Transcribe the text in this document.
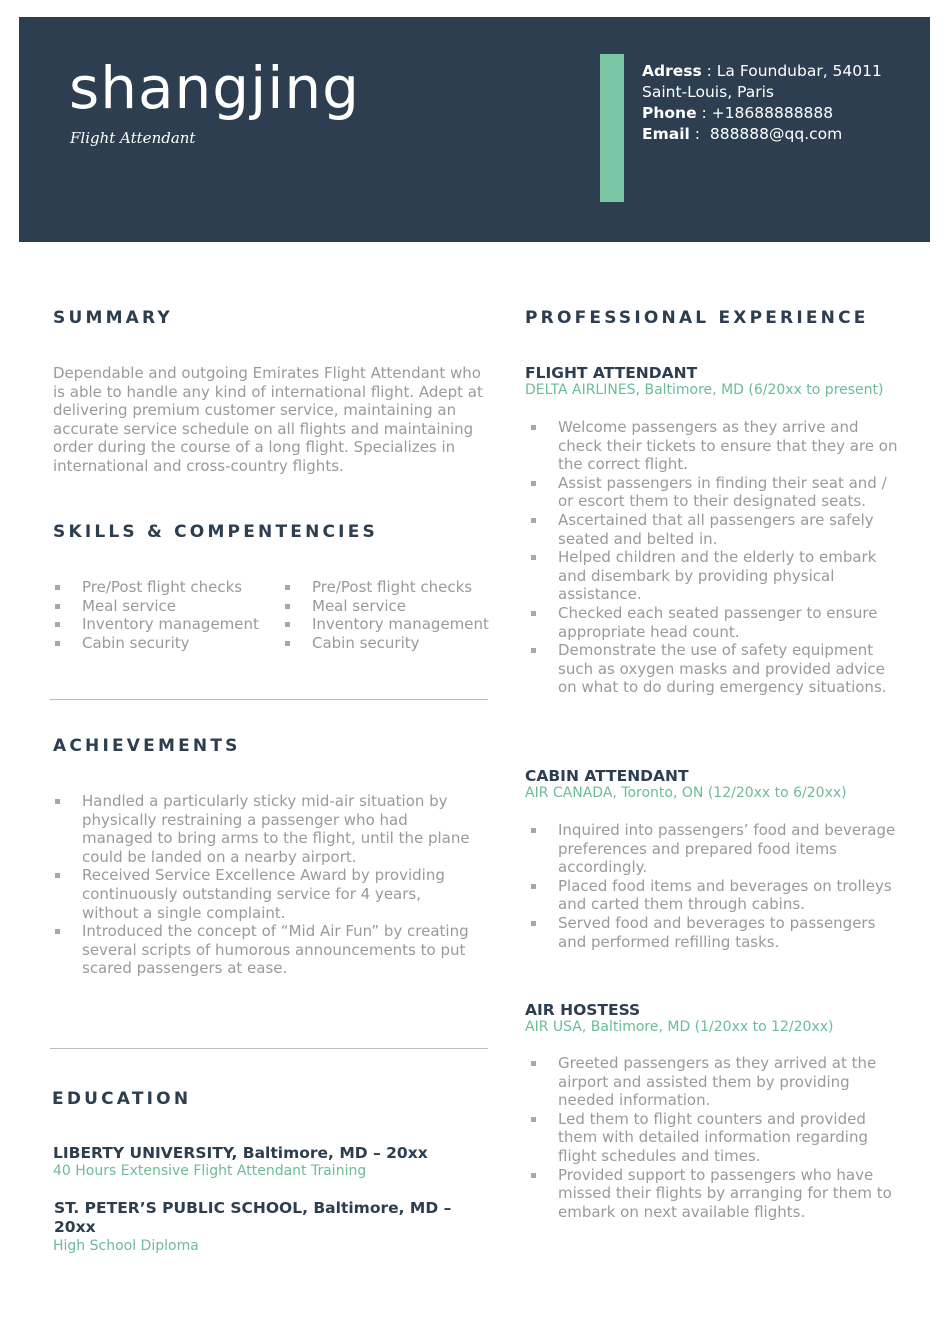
shangjing
Flight Attendant
Adress : La Foundubar, 54011
Saint-Louis, Paris
Phone : +18688888888
Email :  888888@qq.com
SUMMARY
Dependable and outgoing Emirates Flight Attendant who is able to handle any kind of international flight. Adept at delivering premium customer service, maintaining an accurate service schedule on all flights and maintaining order during the course of a long flight. Specializes in international and cross-country flights.
SKILLS & COMPENTENCIES
Pre/Post flight checks
Meal service
Inventory management
Cabin security
Pre/Post flight checks
Meal service
Inventory management
Cabin security
ACHIEVEMENTS
Handled a particularly sticky mid-air situation by physically restraining a passenger who had managed to bring arms to the flight, until the plane could be landed on a nearby airport.
Received Service Excellence Award by providing continuously outstanding service for 4 years, without a single complaint.
Introduced the concept of “Mid Air Fun” by creating several scripts of humorous announcements to put scared passengers at ease.
EDUCATION
LIBERTY UNIVERSITY, Baltimore, MD – 20xx
40 Hours Extensive Flight Attendant Training
ST. PETER’S PUBLIC SCHOOL, Baltimore, MD – 20xx
High School Diploma
PROFESSIONAL EXPERIENCE
FLIGHT ATTENDANT
DELTA AIRLINES, Baltimore, MD (6/20xx to present)
Welcome passengers as they arrive and check their tickets to ensure that they are on the correct flight.
Assist passengers in finding their seat and / or escort them to their designated seats.
Ascertained that all passengers are safely seated and belted in.
Helped children and the elderly to embark and disembark by providing physical assistance.
Checked each seated passenger to ensure appropriate head count.
Demonstrate the use of safety equipment such as oxygen masks and provided advice on what to do during emergency situations.
CABIN ATTENDANT
AIR CANADA, Toronto, ON (12/20xx to 6/20xx)
Inquired into passengers’ food and beverage preferences and prepared food items accordingly.
Placed food items and beverages on trolleys and carted them through cabins.
Served food and beverages to passengers and performed refilling tasks.
AIR HOSTESS
AIR USA, Baltimore, MD (1/20xx to 12/20xx)
Greeted passengers as they arrived at the airport and assisted them by providing needed information.
Led them to flight counters and provided them with detailed information regarding flight schedules and times.
Provided support to passengers who have missed their flights by arranging for them to embark on next available flights.
